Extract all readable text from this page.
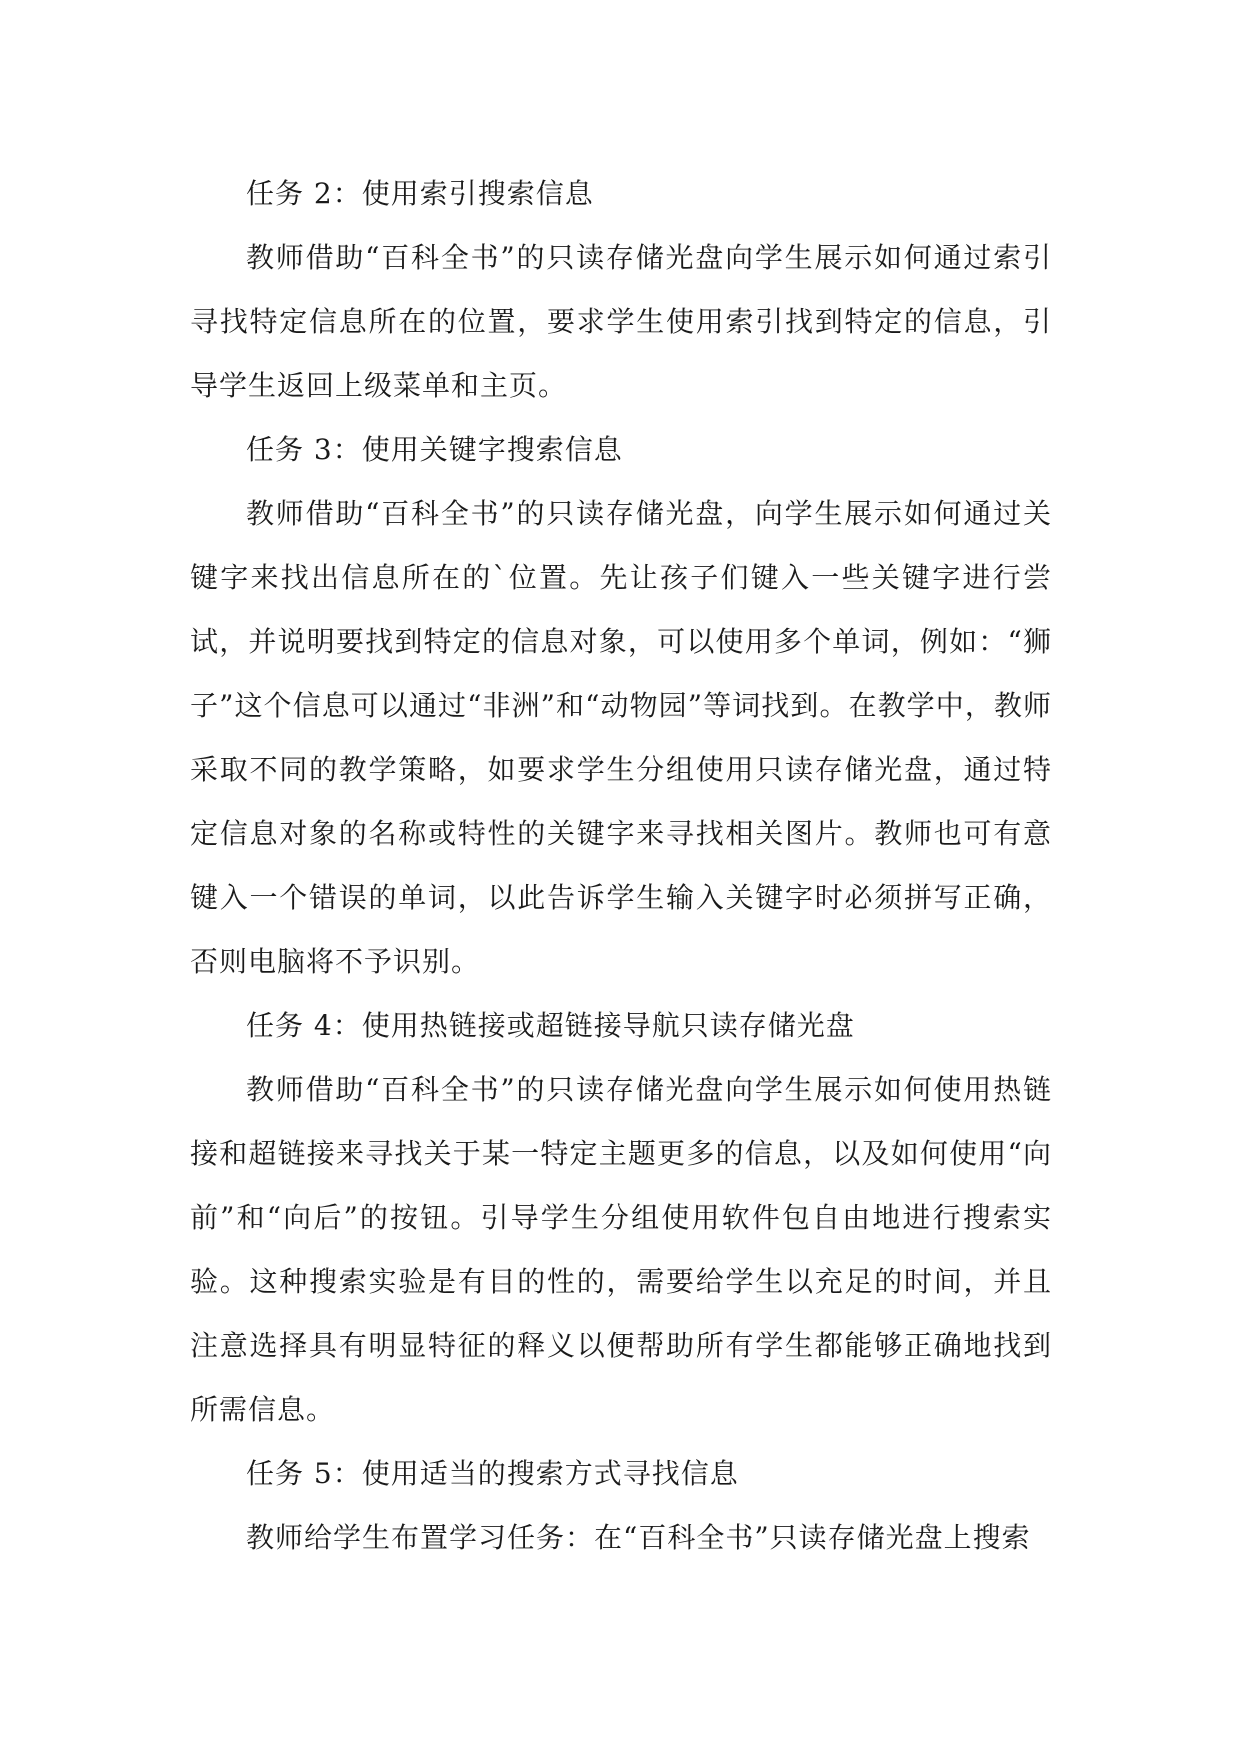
任务 2：使用索引搜索信息

教师借助“百科全书”的只读存储光盘向学生展示如何通过索引寻找特定信息所在的位置，要求学生使用索引找到特定的信息，引导学生返回上级菜单和主页。

任务 3：使用关键字搜索信息

教师借助“百科全书”的只读存储光盘，向学生展示如何通过关键字来找出信息所在的`位置。先让孩子们键入一些关键字进行尝试，并说明要找到特定的信息对象，可以使用多个单词，例如：“狮子”这个信息可以通过“非洲”和“动物园”等词找到。在教学中，教师采取不同的教学策略，如要求学生分组使用只读存储光盘，通过特定信息对象的名称或特性的关键字来寻找相关图片。教师也可有意键入一个错误的单词，以此告诉学生输入关键字时必须拼写正确，否则电脑将不予识别。

任务 4：使用热链接或超链接导航只读存储光盘

教师借助“百科全书”的只读存储光盘向学生展示如何使用热链接和超链接来寻找关于某一特定主题更多的信息，以及如何使用“向前”和“向后”的按钮。引导学生分组使用软件包自由地进行搜索实验。这种搜索实验是有目的性的，需要给学生以充足的时间，并且注意选择具有明显特征的释义以便帮助所有学生都能够正确地找到所需信息。

任务 5：使用适当的搜索方式寻找信息

教师给学生布置学习任务：在“百科全书”只读存储光盘上搜索
